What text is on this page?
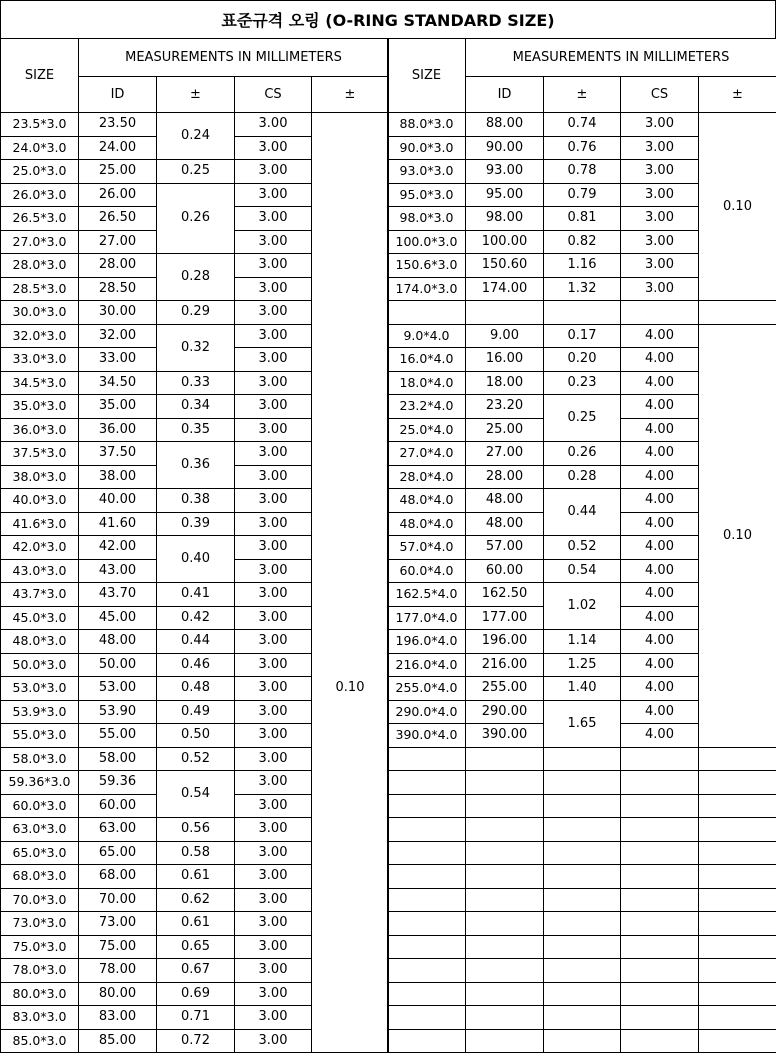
표준규격 오링 (O-RING STANDARD SIZE)
SIZE	MEASUREMENTS IN MILLIMETERS			
	ID	±	CS	±
23.5*3.0	23.50	0.24	3.00	
24.0*3.0	24.00		3.00	
25.0*3.0	25.00	0.25	3.00	
26.0*3.0	26.00	0.26	3.00	
26.5*3.0	26.50		3.00	
27.0*3.0	27.00		3.00	
28.0*3.0	28.00	0.28	3.00	
28.5*3.0	28.50		3.00	
30.0*3.0	30.00	0.29	3.00	
32.0*3.0	32.00	0.32	3.00	0.10
33.0*3.0	33.00		3.00	
34.5*3.0	34.50	0.33	3.00	
35.0*3.0	35.00	0.34	3.00	
36.0*3.0	36.00	0.35	3.00	
37.5*3.0	37.50	0.36	3.00	
38.0*3.0	38.00		3.00	
40.0*3.0	40.00	0.38	3.00	
41.6*3.0	41.60	0.39	3.00	
42.0*3.0	42.00	0.40	3.00	
43.0*3.0	43.00		3.00	
43.7*3.0	43.70	0.41	3.00	
45.0*3.0	45.00	0.42	3.00	
48.0*3.0	48.00	0.44	3.00	
50.0*3.0	50.00	0.46	3.00	
53.0*3.0	53.00	0.48	3.00	
53.9*3.0	53.90	0.49	3.00	
55.0*3.0	55.00	0.50	3.00	
58.0*3.0	58.00	0.52	3.00	
59.36*3.0	59.36	0.54	3.00	
60.0*3.0	60.00		3.00	
63.0*3.0	63.00	0.56	3.00	
65.0*3.0	65.00	0.58	3.00	
68.0*3.0	68.00	0.61	3.00	
70.0*3.0	70.00	0.62	3.00	
73.0*3.0	73.00	0.61	3.00	
75.0*3.0	75.00	0.65	3.00	
78.0*3.0	78.00	0.67	3.00	
80.0*3.0	80.00	0.69	3.00	
83.0*3.0	83.00	0.71	3.00	
85.0*3.0	85.00	0.72	3.00	
SIZE	MEASUREMENTS IN MILLIMETERS			
	ID	±	CS	±
88.0*3.0	88.00	0.74	3.00	0.10
90.0*3.0	90.00	0.76	3.00	
93.0*3.0	93.00	0.78	3.00	
95.0*3.0	95.00	0.79	3.00	
98.0*3.0	98.00	0.81	3.00	
100.0*3.0	100.00	0.82	3.00	
150.6*3.0	150.60	1.16	3.00	
174.0*3.0	174.00	1.32	3.00	

9.0*4.0	9.00	0.17	4.00	0.10
16.0*4.0	16.00	0.20	4.00	
18.0*4.0	18.00	0.23	4.00	
23.2*4.0	23.20	0.25	4.00	
25.0*4.0	25.00		4.00	
27.0*4.0	27.00	0.26	4.00	
28.0*4.0	28.00	0.28	4.00	
48.0*4.0	48.00	0.44	4.00	
48.0*4.0	48.00		4.00	
57.0*4.0	57.00	0.52	4.00	
60.0*4.0	60.00	0.54	4.00	
162.5*4.0	162.50	1.02	4.00	
177.0*4.0	177.00		4.00	
196.0*4.0	196.00	1.14	4.00	
216.0*4.0	216.00	1.25	4.00	
255.0*4.0	255.00	1.40	4.00	
290.0*4.0	290.00	1.65	4.00	
390.0*4.0	390.00		4.00	
